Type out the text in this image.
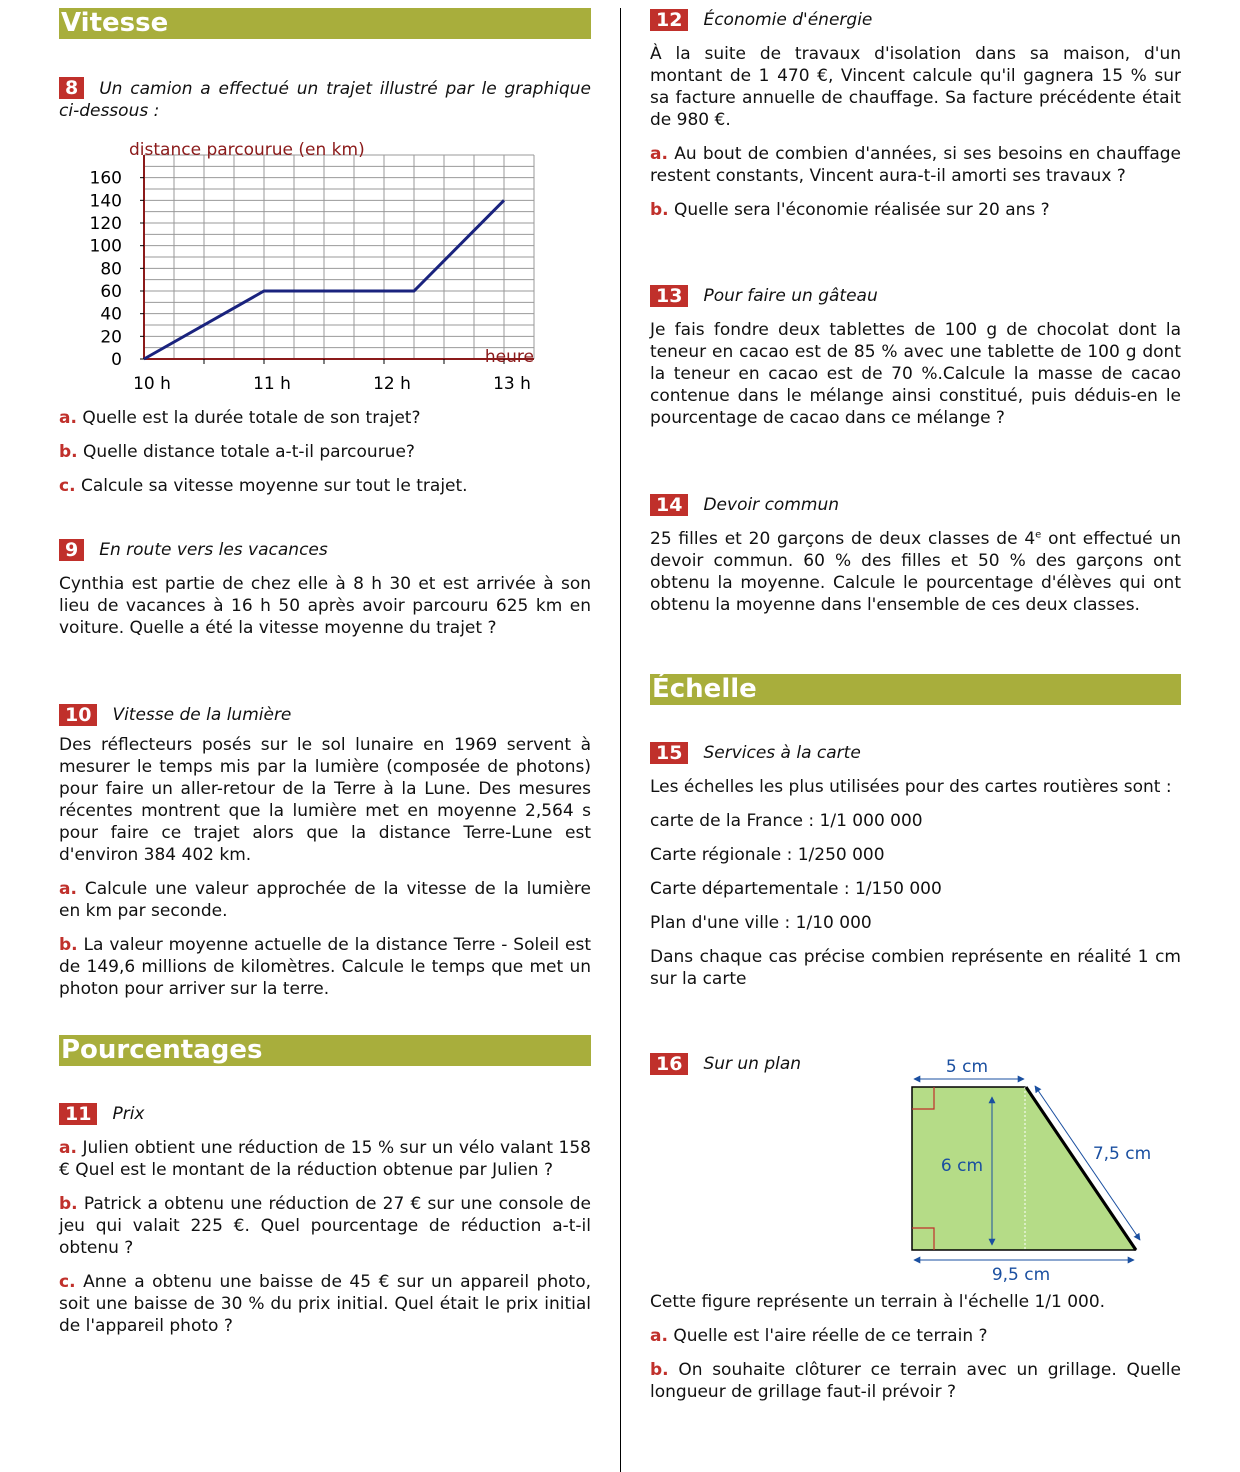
Vitesse

8 Un camion a effectué un trajet illustré par le graphique ci-dessous :

0
20
40
60
80
100
120
140
160
10 h	11 h	12 h	13 h
distance parcourue (en km)
heure

a. Quelle est la durée totale de son trajet?

b. Quelle distance totale a-t-il parcourue?

c. Calcule sa vitesse moyenne sur tout le trajet.

9	En route vers les vacances

Cynthia est partie de chez elle à 8 h 30 et est arrivée à son lieu de vacances à 16 h 50 après avoir parcouru 625 km en voiture. Quelle a été la vitesse moyenne du trajet ?

10	Vitesse de la lumière

Des réflecteurs posés sur le sol lunaire en 1969 servent à mesurer le temps mis par la lumière (composée de photons) pour faire un aller-retour de la Terre à la Lune. Des mesures récentes montrent que la lumière met en moyenne 2,564 s pour faire ce trajet alors que la distance Terre-Lune est d'environ 384 402 km.

a. Calcule une valeur approchée de la vitesse de la lumière en km par seconde.

b. La valeur moyenne actuelle de la distance Terre - Soleil est de 149,6 millions de kilomètres. Calcule le temps que met un photon pour arriver sur la terre.

Pourcentages
11	Prix

a. Julien obtient une réduction de 15 % sur un vélo valant 158 € Quel est le montant de la réduction obtenue par Julien ?

b. Patrick a obtenu une réduction de 27 € sur une console de jeu qui valait 225 €. Quel pourcentage de réduction a-t-il obtenu ?

c. Anne a obtenu une baisse de 45 € sur un appareil photo, soit une baisse de 30 % du prix initial. Quel était le prix initial de l'appareil photo ?

12	Économie d'énergie

À la suite de travaux d'isolation dans sa maison, d'un montant de 1 470 €, Vincent calcule qu'il gagnera 15 % sur sa facture annuelle de chauffage. Sa facture précédente était de 980 €.

a. Au bout de combien d'années, si ses besoins en chauffage restent constants, Vincent aura-t-il amorti ses travaux ?

b. Quelle sera l'économie réalisée sur 20 ans ?

13	Pour faire un gâteau

Je fais fondre deux tablettes de 100 g de chocolat dont la teneur en cacao est de 85 % avec une tablette de 100 g dont la teneur en cacao est de 70 %.Calcule la masse de cacao contenue dans le mélange ainsi constitué, puis déduis-en le pourcentage de cacao dans ce mélange ?

14	Devoir commun

25 filles et 20 garçons de deux classes de 4e ont effectué un devoir commun. 60 % des filles et 50 % des garçons ont obtenu la moyenne. Calcule le pourcentage d'élèves qui ont obtenu la moyenne dans l'ensemble de ces deux classes.

Échelle
15	Services à la carte

Les échelles les plus utilisées pour des cartes routières sont :

carte de la France : 1/1 000 000

Carte régionale : 1/250 000

Carte départementale : 1/150 000

Plan d'une ville : 1/10 000

Dans chaque cas précise combien représente en réalité 1 cm sur la carte

16	Sur un plan	5 cm
6 cm
7,5 cm
9,5 cm

Cette figure représente un terrain à l'échelle 1/1 000.

a. Quelle est l'aire réelle de ce terrain ?

b. On souhaite clôturer ce terrain avec un grillage. Quelle longueur de grillage faut-il prévoir ?
